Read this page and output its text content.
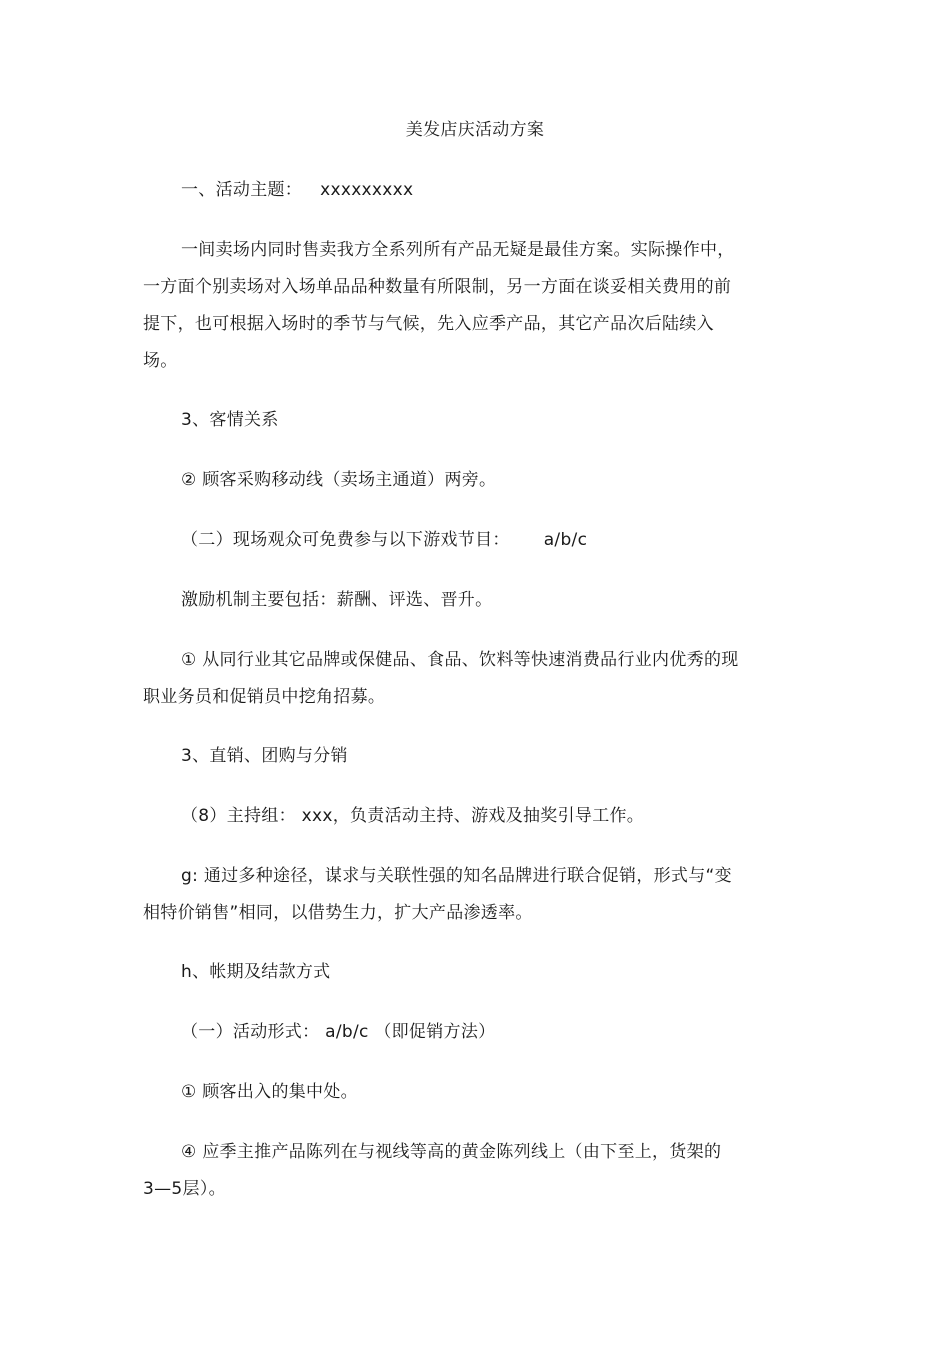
美发店庆活动方案
一、活动主题： xxxxxxxxx
一间卖场内同时售卖我方全系列所有产品无疑是最佳方案。实际操作中，
一方面个别卖场对入场单品品种数量有所限制，另一方面在谈妥相关费用的前
提下，也可根据入场时的季节与气候，先入应季产品，其它产品次后陆续入
场。
3、客情关系
② 顾客采购移动线（卖场主通道）两旁。
（二）现场观众可免费参与以下游戏节目： a/b/c
激励机制主要包括：薪酬、评选、晋升。
① 从同行业其它品牌或保健品、食品、饮料等快速消费品行业内优秀的现
职业务员和促销员中挖角招募。
3、直销、团购与分销
（8）主持组： xxx，负责活动主持、游戏及抽奖引导工作。
g: 通过多种途径，谋求与关联性强的知名品牌进行联合促销，形式与“变
相特价销售”相同，以借势生力，扩大产品渗透率。
h、帐期及结款方式
（一）活动形式： a/b/c （即促销方法）
① 顾客出入的集中处。
④ 应季主推产品陈列在与视线等高的黄金陈列线上（由下至上，货架的
3—5层）。
